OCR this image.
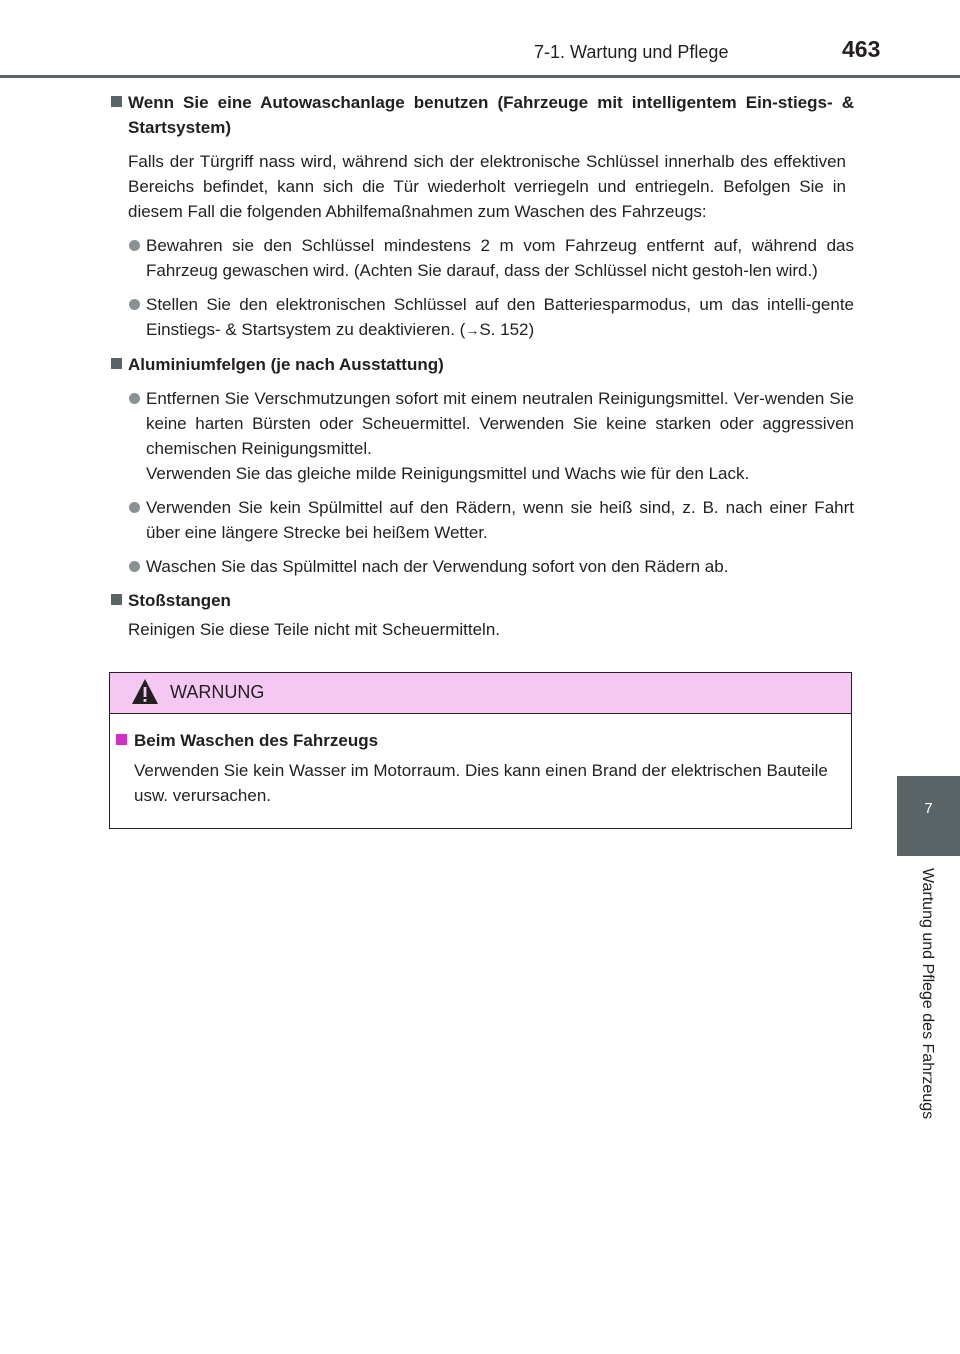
7-1. Wartung und Pflege	463
7
Wartung und Pflege des Fahrzeugs
Wenn Sie eine Autowaschanlage benutzen (Fahrzeuge mit intelligentem Ein-stiegs- & Startsystem)
Falls der Türgriff nass wird, während sich der elektronische Schlüssel innerhalb des effektiven Bereichs befindet, kann sich die Tür wiederholt verriegeln und entriegeln. Befolgen Sie in diesem Fall die folgenden Abhilfemaßnahmen zum Waschen des Fahrzeugs:
Bewahren sie den Schlüssel mindestens 2 m vom Fahrzeug entfernt auf, während das Fahrzeug gewaschen wird. (Achten Sie darauf, dass der Schlüssel nicht gestoh-len wird.)
Stellen Sie den elektronischen Schlüssel auf den Batteriesparmodus, um das intelli-gente Einstiegs- & Startsystem zu deaktivieren. (→S. 152)
Aluminiumfelgen (je nach Ausstattung)
Entfernen Sie Verschmutzungen sofort mit einem neutralen Reinigungsmittel. Ver-wenden Sie keine harten Bürsten oder Scheuermittel. Verwenden Sie keine starken oder aggressiven chemischen Reinigungsmittel.
Verwenden Sie das gleiche milde Reinigungsmittel und Wachs wie für den Lack.
Verwenden Sie kein Spülmittel auf den Rädern, wenn sie heiß sind, z. B. nach einer Fahrt über eine längere Strecke bei heißem Wetter.
Waschen Sie das Spülmittel nach der Verwendung sofort von den Rädern ab.
Stoßstangen
Reinigen Sie diese Teile nicht mit Scheuermitteln.
WARNUNG
Beim Waschen des Fahrzeugs
Verwenden Sie kein Wasser im Motorraum. Dies kann einen Brand der elektrischen Bauteile usw. verursachen.
